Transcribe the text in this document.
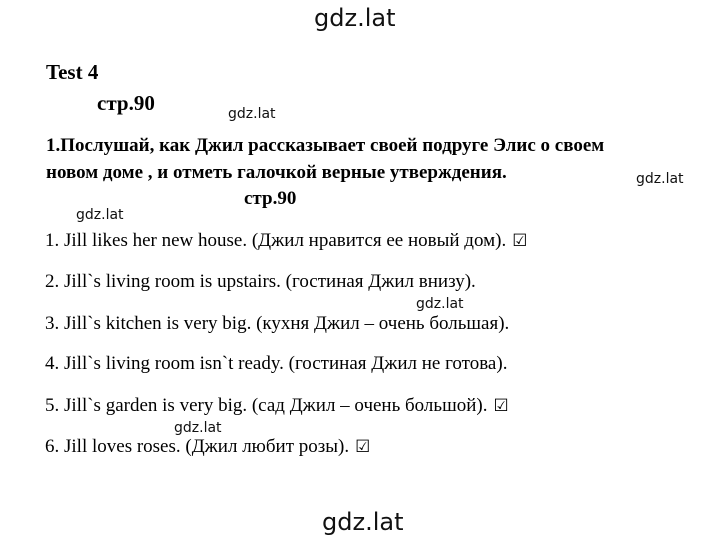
gdz.lat
Test 4
стр.90	gdz.lat
1.Послушай, как Джил рассказывает своей подруге Элис о своем
новом доме , и отметь галочкой верные утверждения.	gdz.lat
стр.90
gdz.lat
1. Jill likes her new house. (Джил нравится ее новый дом). ☑
2. Jill`s living room is upstairs. (гостиная Джил внизу).
gdz.lat
3. Jill`s kitchen is very big. (кухня Джил – очень большая).
4. Jill`s living room isn`t ready. (гостиная Джил не готова).
5. Jill`s garden is very big. (сад Джил – очень большой). ☑
gdz.lat
6. Jill loves roses. (Джил любит розы). ☑
gdz.lat
